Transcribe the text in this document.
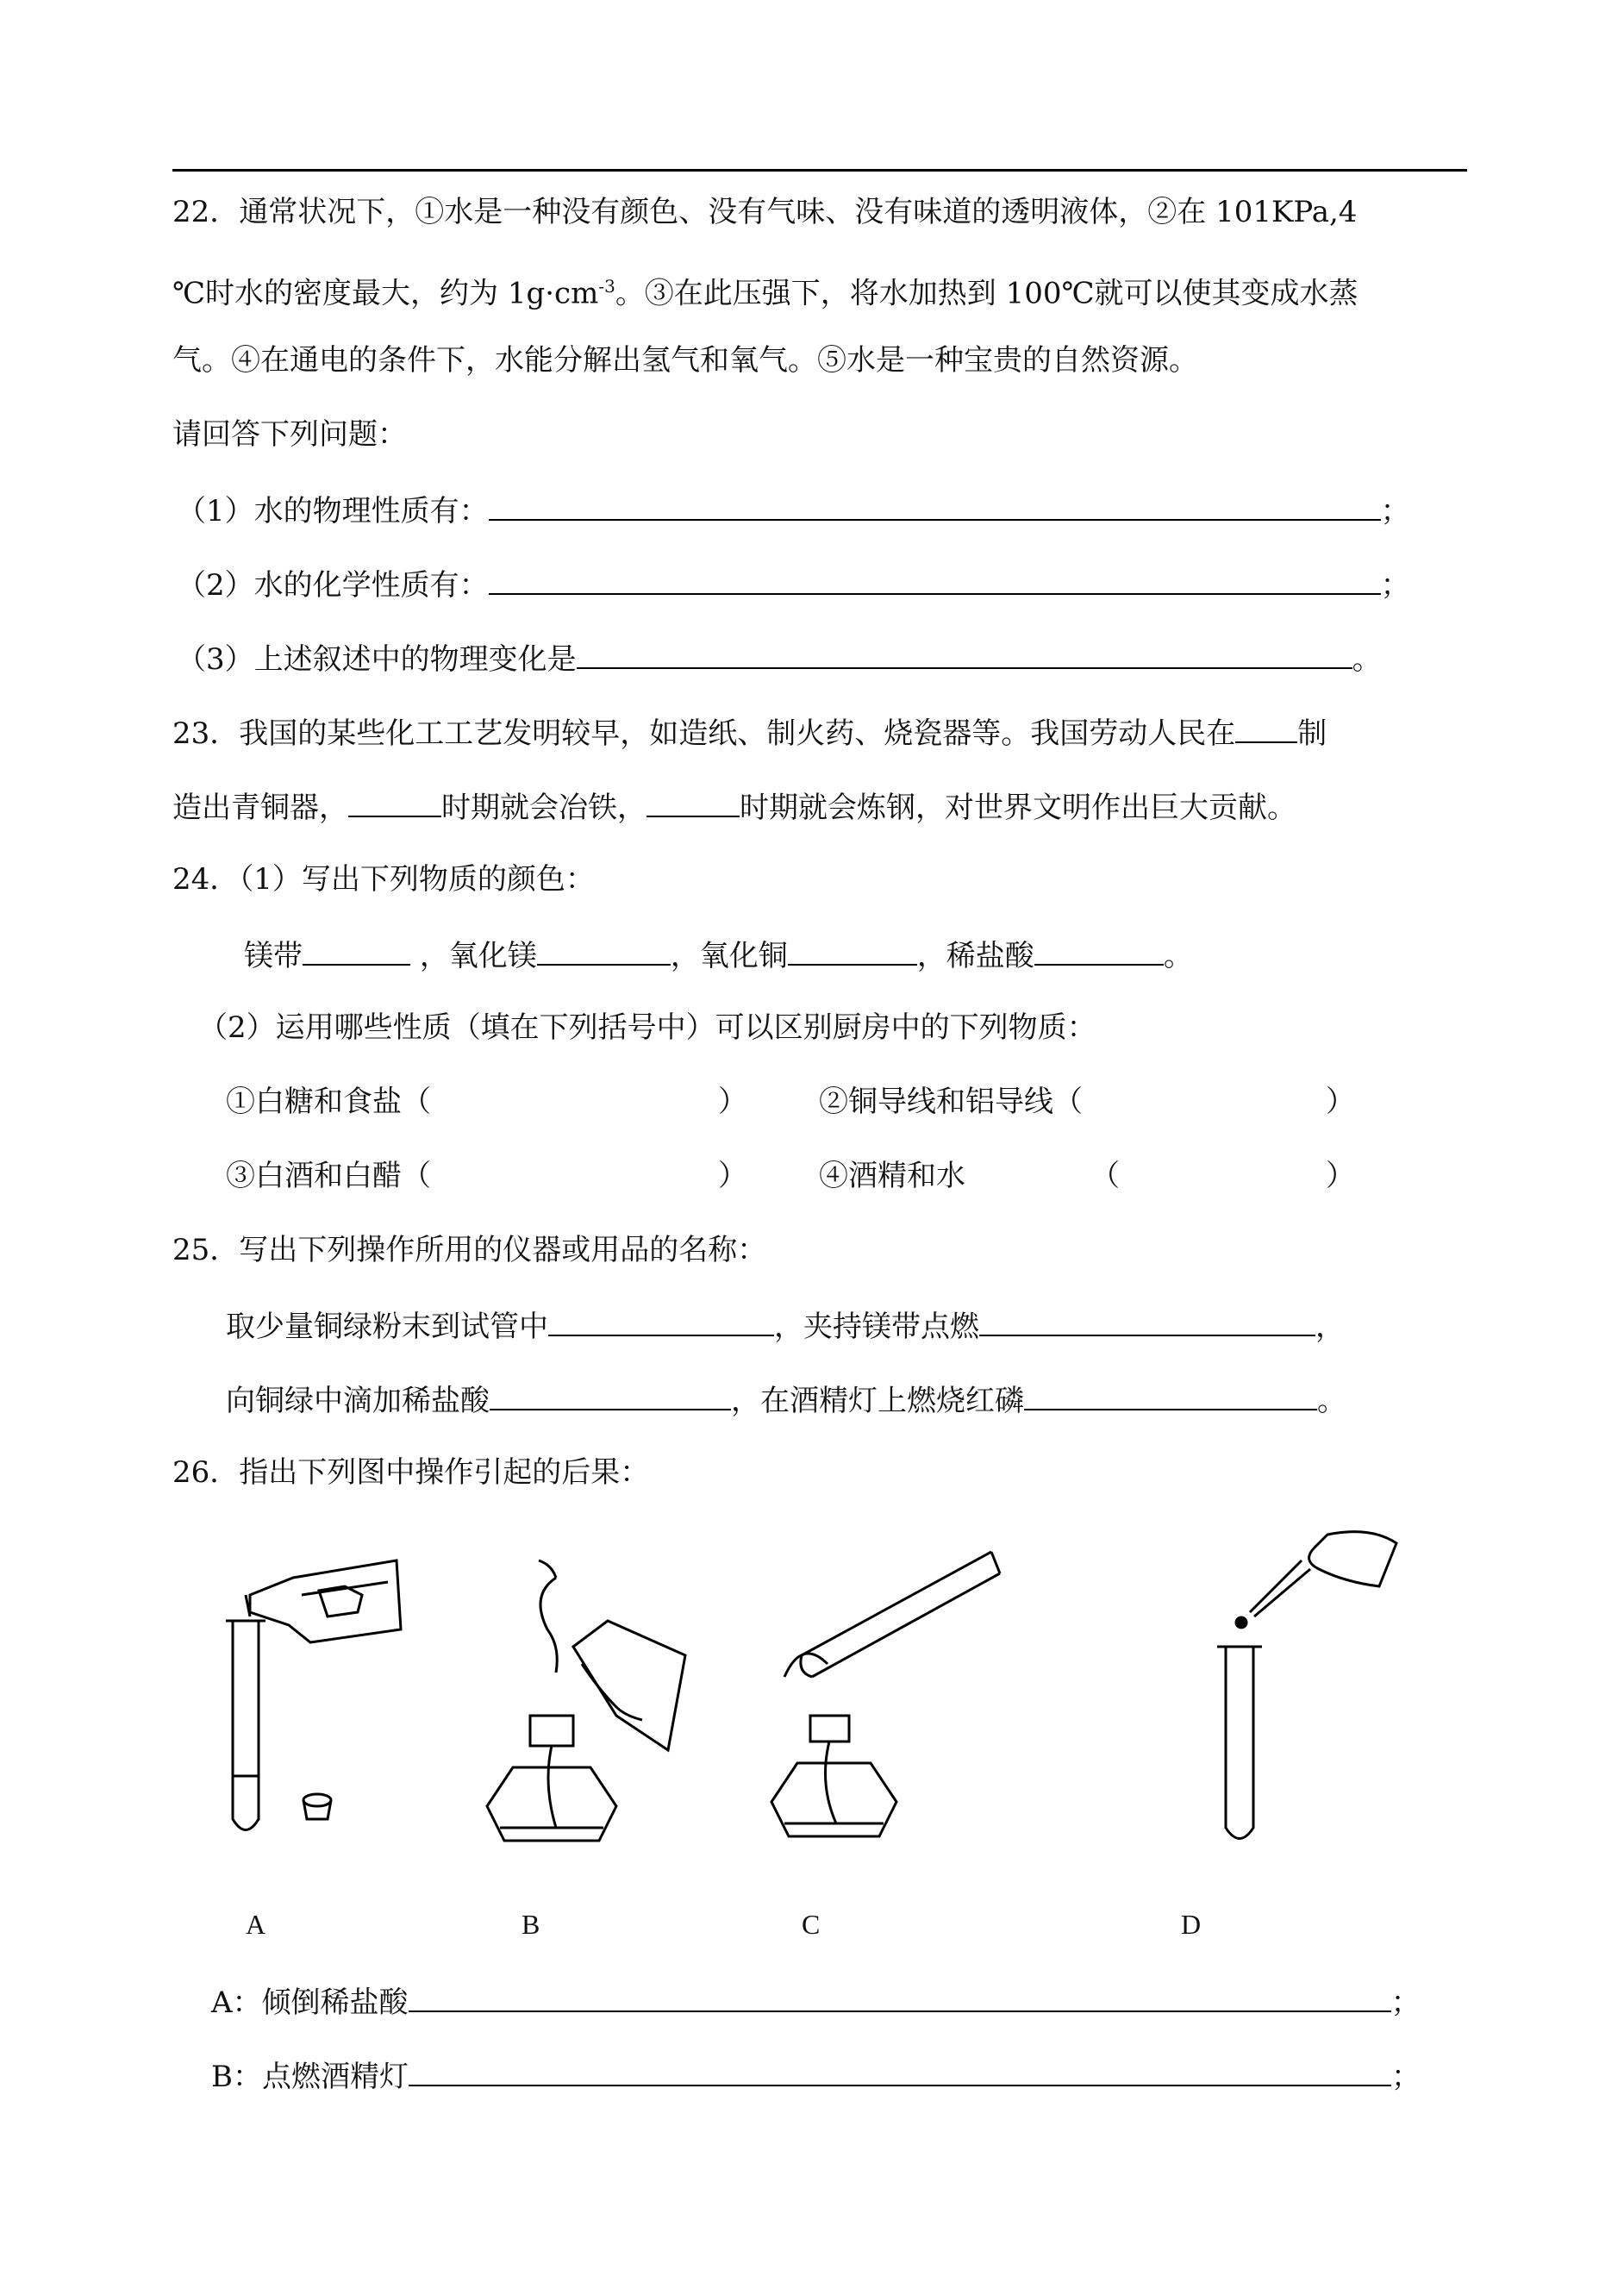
22．通常状况下，①水是一种没有颜色、没有气味、没有味道的透明液体，②在 101KPa,4
℃时水的密度最大，约为 $1g\cdot cm^{-3}$。③在此压强下，将水加热到 100℃就可以使其变成水蒸
气。④在通电的条件下，水能分解出氢气和氧气。⑤水是一种宝贵的自然资源。
请回答下列问题：
（1）水的物理性质有：	；
（2）水的化学性质有：	；
（3）上述叙述中的物理变化是	。
23．我国的某些化工工艺发明较早，如造纸、制火药、烧瓷器等。我国劳动人民在 制
造出青铜器，	时期就会冶铁，	时期就会炼钢，对世界文明作出巨大贡献。
24．（1）写出下列物质的颜色：
镁带	，氧化镁	，氧化铜	，稀盐酸	。
（2）运用哪些性质（填在下列括号中）可以区别厨房中的下列物质：
①白糖和食盐（	） ②铜导线和铝导线（	）
③白酒和白醋（	） ④酒精和水	（	）
25．写出下列操作所用的仪器或用品的名称：
取少量铜绿粉末到试管中	，夹持镁带点燃	，
向铜绿中滴加稀盐酸	，在酒精灯上燃烧红磷	。
26．指出下列图中操作引起的后果：
A	B	C	D
A：倾倒稀盐酸	；
B：点燃酒精灯	；
